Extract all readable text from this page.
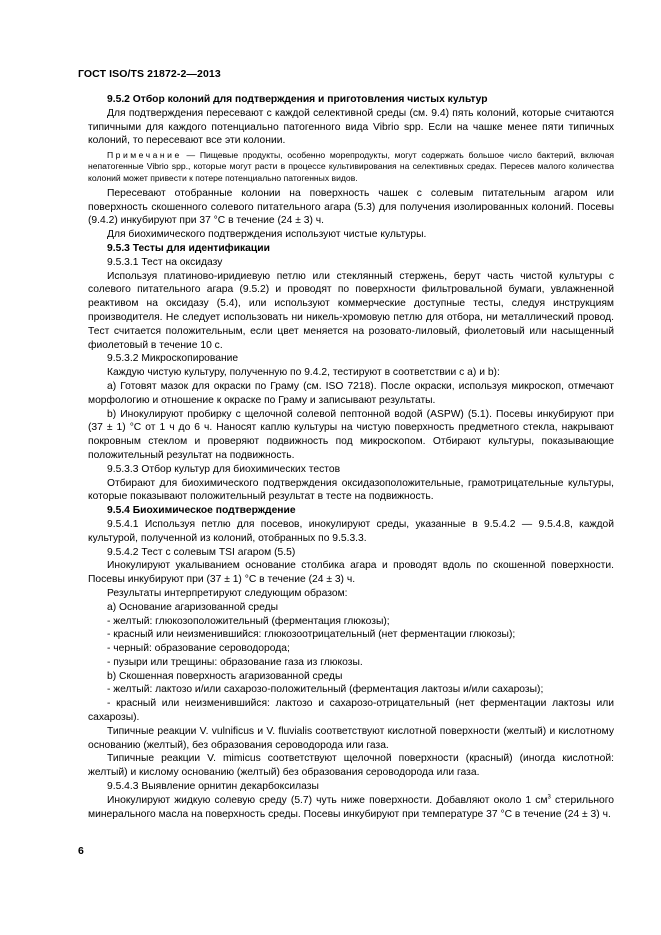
ГОСТ ISO/TS 21872-2—2013

9.5.2 Отбор колоний для подтверждения и приготовления чистых культур

Для подтверждения пересевают с каждой селективной среды (см. 9.4) пять колоний, которые считаются типичными для каждого потенциально патогенного вида Vibrio spp. Если на чашке менее пяти типичных колоний, то пересевают все эти колонии.

Примечание — Пищевые продукты, особенно морепродукты, могут содержать большое число бактерий, включая непатогенные Vibrio spp., которые могут расти в процессе культивирования на селективных средах. Пересев малого количества колоний может привести к потере потенциально патогенных видов.

Пересевают отобранные колонии на поверхность чашек с солевым питательным агаром или поверхность скошенного солевого питательного агара (5.3) для получения изолированных колоний. Посевы (9.4.2) инкубируют при 37 °С в течение (24 ± 3) ч.

Для биохимического подтверждения используют чистые культуры.

9.5.3 Тесты для идентификации

9.5.3.1 Тест на оксидазу

Используя платиново-иридиевую петлю или стеклянный стержень, берут часть чистой культуры с солевого питательного агара (9.5.2) и проводят по поверхности фильтровальной бумаги, увлажненной реактивом на оксидазу (5.4), или используют коммерческие доступные тесты, следуя инструкциям производителя. Не следует использовать ни никель-хромовую петлю для отбора, ни металлический провод. Тест считается положительным, если цвет меняется на розовато-лиловый, фиолетовый или насыщенный фиолетовый в течение 10 с.

9.5.3.2 Микроскопирование

Каждую чистую культуру, полученную по 9.4.2, тестируют в соответствии с а) и b):

а) Готовят мазок для окраски по Граму (см. ISO 7218). После окраски, используя микроскоп, отмечают морфологию и отношение к окраске по Граму и записывают результаты.

b) Инокулируют пробирку с щелочной солевой пептонной водой (ASPW) (5.1). Посевы инкубируют при (37 ± 1) °С от 1 ч до 6 ч. Наносят каплю культуры на чистую поверхность предметного стекла, накрывают покровным стеклом и проверяют подвижность под микроскопом. Отбирают культуры, показывающие положительный результат на подвижность.

9.5.3.3 Отбор культур для биохимических тестов

Отбирают для биохимического подтверждения оксидазоположительные, грамотрицательные культуры, которые показывают положительный результат в тесте на подвижность.

9.5.4 Биохимическое подтверждение

9.5.4.1 Используя петлю для посевов, инокулируют среды, указанные в 9.5.4.2 — 9.5.4.8, каждой культурой, полученной из колоний, отобранных по 9.5.3.3.

9.5.4.2 Тест с солевым TSI агаром (5.5)

Инокулируют укалыванием основание столбика агара и проводят вдоль по скошенной поверхности. Посевы инкубируют при (37 ± 1) °С в течение (24 ± 3) ч.

Результаты интерпретируют следующим образом:

а) Основание агаризованной среды

- желтый: глюкозоположительный (ферментация глюкозы);

- красный или неизменившийся: глюкозоотрицательный (нет ферментации глюкозы);

- черный: образование сероводорода;

- пузыри или трещины: образование газа из глюкозы.

b) Скошенная поверхность агаризованной среды

- желтый: лактозо и/или сахарозо-положительный (ферментация лактозы и/или сахарозы);

- красный или неизменившийся: лактозо и сахарозо-отрицательный (нет ферментации лактозы или сахарозы).

Типичные реакции V. vulnificus и V. fluvialis соответствуют кислотной поверхности (желтый) и кислотному основанию (желтый), без образования сероводорода или газа.

Типичные реакции V. mimicus соответствуют щелочной поверхности (красный) (иногда кислотной: желтый) и кислому основанию (желтый) без образования сероводорода или газа.

9.5.4.3 Выявление орнитин декарбоксилазы

Инокулируют жидкую солевую среду (5.7) чуть ниже поверхности. Добавляют около 1 $см^3$ стерильного минерального масла на поверхность среды. Посевы инкубируют при температуре 37 °С в течение (24 ± 3) ч.

6
